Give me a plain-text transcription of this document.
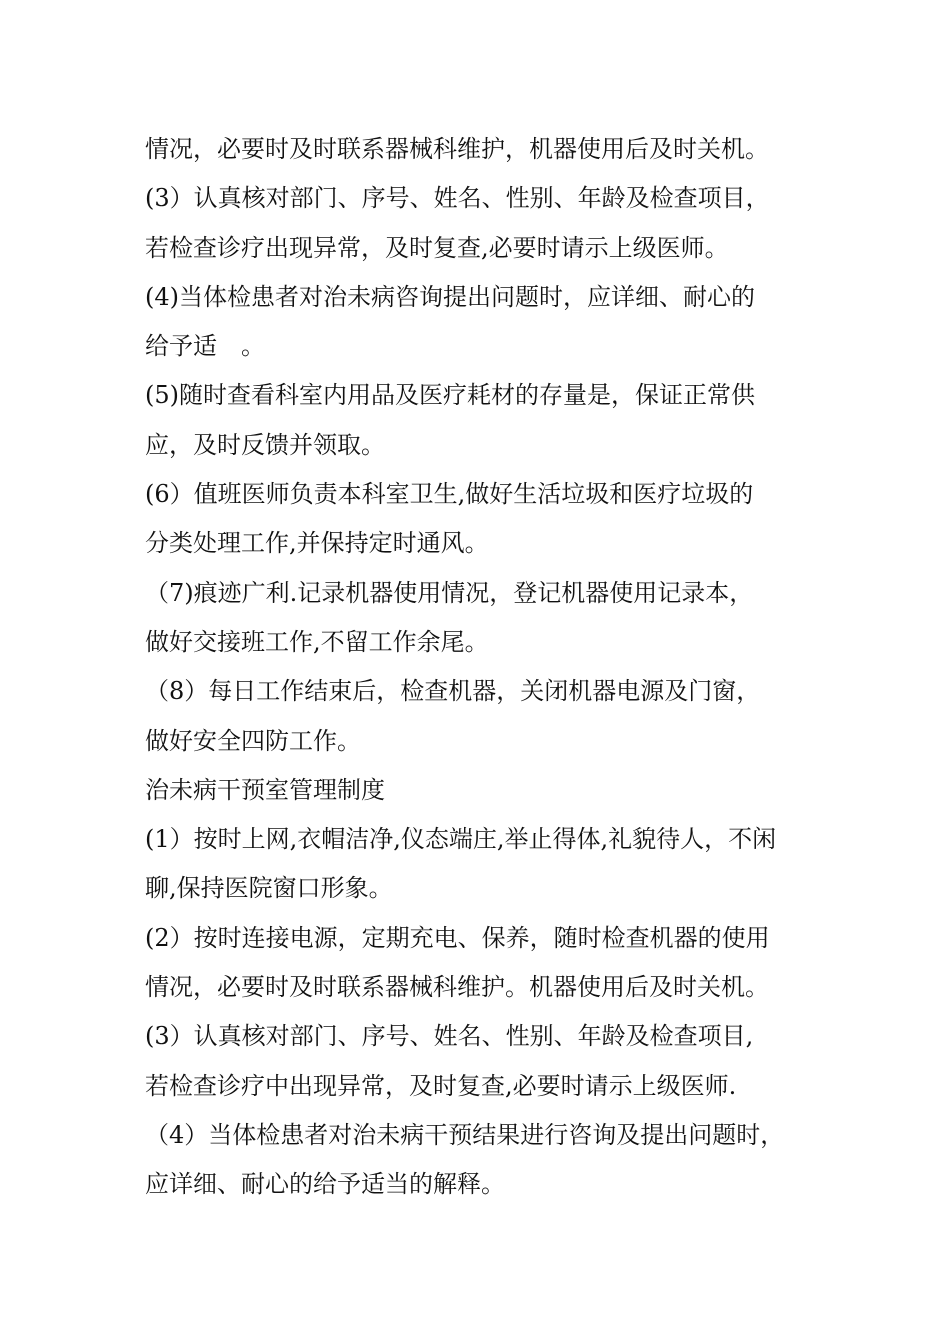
情况，必要时及时联系器械科维护，机器使用后及时关机。
(3）认真核对部门、序号、姓名、性别、年龄及检查项目，
若检查诊疗出现异常，及时复查,必要时请示上级医师。
(4)当体检患者对治未病咨询提出问题时，应详细、耐心的
给予适　。
(5)随时查看科室内用品及医疗耗材的存量是，保证正常供
应，及时反馈并领取。
(6）值班医师负责本科室卫生,做好生活垃圾和医疗垃圾的
分类处理工作,并保持定时通风。
（7)痕迹广利.记录机器使用情况，登记机器使用记录本，
做好交接班工作,不留工作余尾。
（8）每日工作结束后，检查机器，关闭机器电源及门窗，
做好安全四防工作。
治未病干预室管理制度
(1）按时上网,衣帽洁净,仪态端庄,举止得体,礼貌待人，不闲
聊,保持医院窗口形象。
(2）按时连接电源，定期充电、保养，随时检查机器的使用
情况，必要时及时联系器械科维护。机器使用后及时关机。
(3）认真核对部门、序号、姓名、性别、年龄及检查项目,
若检查诊疗中出现异常，及时复查,必要时请示上级医师.
（4）当体检患者对治未病干预结果进行咨询及提出问题时，
应详细、耐心的给予适当的解释。
